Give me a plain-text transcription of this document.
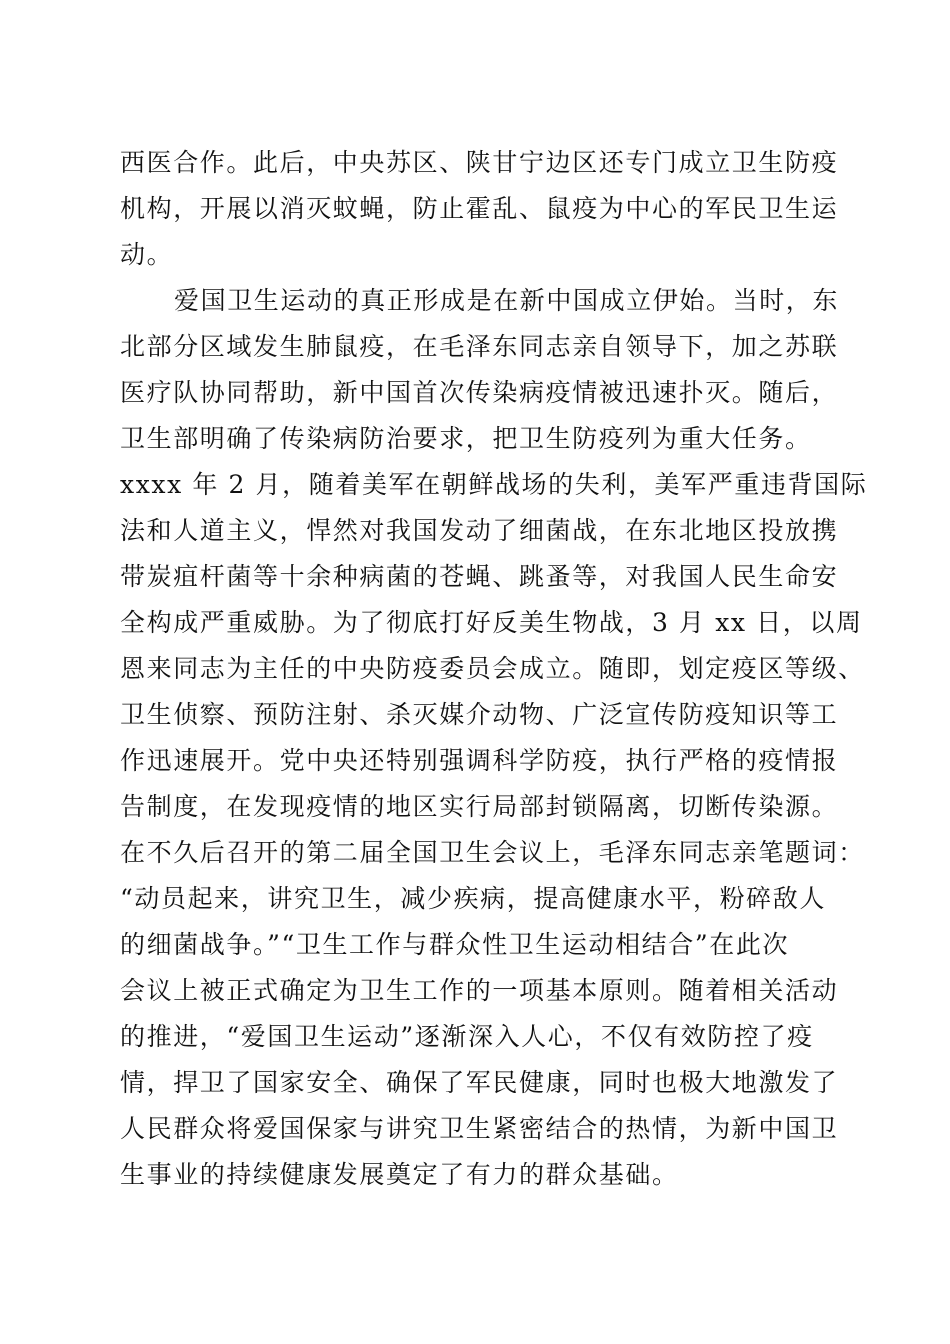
西医合作。此后，中央苏区、陕甘宁边区还专门成立卫生防疫
机构，开展以消灭蚊蝇，防止霍乱、鼠疫为中心的军民卫生运
动。
爱国卫生运动的真正形成是在新中国成立伊始。当时，东
北部分区域发生肺鼠疫，在毛泽东同志亲自领导下，加之苏联
医疗队协同帮助，新中国首次传染病疫情被迅速扑灭。随后，
卫生部明确了传染病防治要求，把卫生防疫列为重大任务。
xxxx 年 2 月，随着美军在朝鲜战场的失利，美军严重违背国际
法和人道主义，悍然对我国发动了细菌战，在东北地区投放携
带炭疽杆菌等十余种病菌的苍蝇、跳蚤等，对我国人民生命安
全构成严重威胁。为了彻底打好反美生物战，3 月 xx 日，以周
恩来同志为主任的中央防疫委员会成立。随即，划定疫区等级、
卫生侦察、预防注射、杀灭媒介动物、广泛宣传防疫知识等工
作迅速展开。党中央还特别强调科学防疫，执行严格的疫情报
告制度，在发现疫情的地区实行局部封锁隔离，切断传染源。
在不久后召开的第二届全国卫生会议上，毛泽东同志亲笔题词：
“动员起来，讲究卫生，减少疾病，提高健康水平，粉碎敌人
的细菌战争。”“卫生工作与群众性卫生运动相结合”在此次
会议上被正式确定为卫生工作的一项基本原则。随着相关活动
的推进，“爱国卫生运动”逐渐深入人心，不仅有效防控了疫
情，捍卫了国家安全、确保了军民健康，同时也极大地激发了
人民群众将爱国保家与讲究卫生紧密结合的热情，为新中国卫
生事业的持续健康发展奠定了有力的群众基础。
